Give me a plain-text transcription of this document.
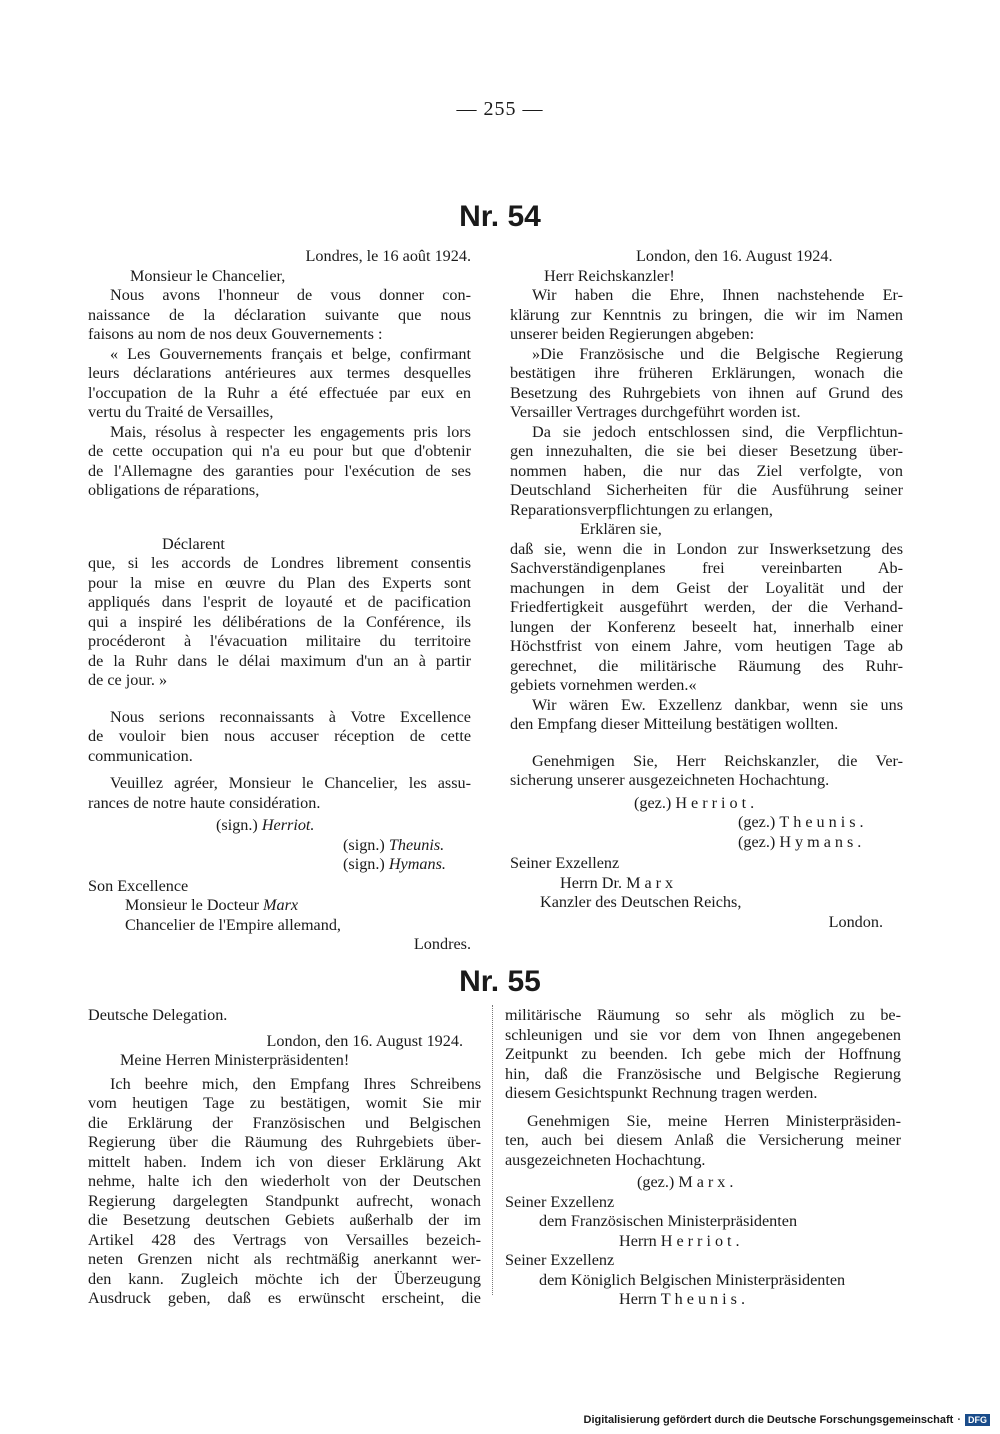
— 255 —
Nr. 54

Londres, le 16 août 1924.

Monsieur le Chancelier,

Nous avons l'honneur de vous donner con-

naissance de la déclaration suivante que nous

faisons au nom de nos deux Gouvernements :

« Les Gouvernements français et belge, confirmant

leurs déclarations antérieures aux termes desquelles

l'occupation de la Ruhr a été effectuée par eux en

vertu du Traité de Versailles,

Mais, résolus à respecter les engagements pris lors

de cette occupation qui n'a eu pour but que d'obtenir

de l'Allemagne des garanties pour l'exécution de ses

obligations de réparations,

Déclarent

que, si les accords de Londres librement consentis

pour la mise en œuvre du Plan des Experts sont

appliqués dans l'esprit de loyauté et de pacification

qui a inspiré les délibérations de la Conférence, ils

procéderont à l'évacuation militaire du territoire

de la Ruhr dans le délai maximum d'un an à partir

de ce jour. »

Nous serions reconnaissants à Votre Excellence

de vouloir bien nous accuser réception de cette

communication.

Veuillez agréer, Monsieur le Chancelier, les assu-

rances de notre haute considération.

(sign.) Herriot.

(sign.) Theunis.

(sign.) Hymans.

Son Excellence

Monsieur le Docteur Marx

Chancelier de l'Empire allemand,

Londres.

London, den 16. August 1924.

Herr Reichskanzler!

Wir haben die Ehre, Ihnen nachstehende Er-

klärung zur Kenntnis zu bringen, die wir im Namen

unserer beiden Regierungen abgeben:

»Die Französische und die Belgische Regierung

bestätigen ihre früheren Erklärungen, wonach die

Besetzung des Ruhrgebiets von ihnen auf Grund des

Versailler Vertrages durchgeführt worden ist.

Da sie jedoch entschlossen sind, die Verpflichtun-

gen innezuhalten, die sie bei dieser Besetzung über-

nommen haben, die nur das Ziel verfolgte, von

Deutschland Sicherheiten für die Ausführung seiner

Reparationsverpflichtungen zu erlangen,

Erklären sie,

daß sie, wenn die in London zur Inswerksetzung des

Sachverständigenplanes frei vereinbarten Ab-

machungen in dem Geist der Loyalität und der

Friedfertigkeit ausgeführt werden, der die Verhand-

lungen der Konferenz beseelt hat, innerhalb einer

Höchstfrist von einem Jahre, vom heutigen Tage ab

gerechnet, die militärische Räumung des Ruhr-

gebiets vornehmen werden.«

Wir wären Ew. Exzellenz dankbar, wenn sie uns

den Empfang dieser Mitteilung bestätigen wollten.

Genehmigen Sie, Herr Reichskanzler, die Ver-

sicherung unserer ausgezeichneten Hochachtung.

(gez.) Herriot.

(gez.) Theunis.

(gez.) Hymans.

Seiner Exzellenz

Herrn Dr. Marx

Kanzler des Deutschen Reichs,

London.

Nr. 55

Deutsche Delegation.

London, den 16. August 1924.

Meine Herren Ministerpräsidenten!

Ich beehre mich, den Empfang Ihres Schreibens

vom heutigen Tage zu bestätigen, womit Sie mir

die Erklärung der Französischen und Belgischen

Regierung über die Räumung des Ruhrgebiets über-

mittelt haben. Indem ich von dieser Erklärung Akt

nehme, halte ich den wiederholt von der Deutschen

Regierung dargelegten Standpunkt aufrecht, wonach

die Besetzung deutschen Gebiets außerhalb der im

Artikel 428 des Vertrags von Versailles bezeich-

neten Grenzen nicht als rechtmäßig anerkannt wer-

den kann. Zugleich möchte ich der Überzeugung

Ausdruck geben, daß es erwünscht erscheint, die

militärische Räumung so sehr als möglich zu be-

schleunigen und sie vor dem von Ihnen angegebenen

Zeitpunkt zu beenden. Ich gebe mich der Hoffnung

hin, daß die Französische und Belgische Regierung

diesem Gesichtspunkt Rechnung tragen werden.

Genehmigen Sie, meine Herren Ministerpräsiden-

ten, auch bei diesem Anlaß die Versicherung meiner

ausgezeichneten Hochachtung.

(gez.) Marx.

Seiner Exzellenz

dem Französischen Ministerpräsidenten

Herrn Herriot.

Seiner Exzellenz

dem Königlich Belgischen Ministerpräsidenten

Herrn Theunis.

Digitalisierung gefördert durch die Deutsche Forschungsgemeinschaft · DFG
